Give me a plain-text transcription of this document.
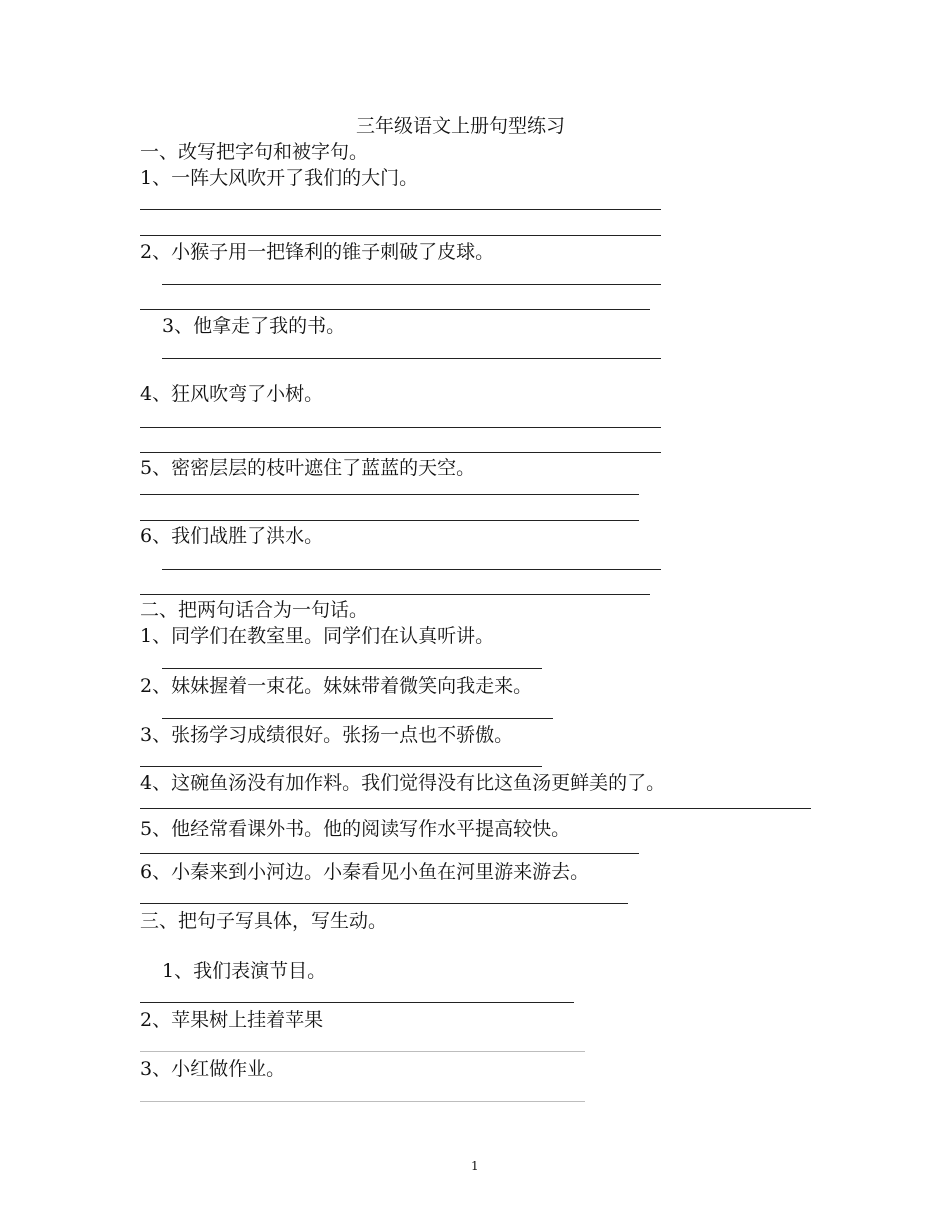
三年级语文上册句型练习
一、改写把字句和被字句。
1、一阵大风吹开了我们的大门。
2、小猴子用一把锋利的锥子刺破了皮球。
3、他拿走了我的书。
4、狂风吹弯了小树。
5、密密层层的枝叶遮住了蓝蓝的天空。
6、我们战胜了洪水。
二、把两句话合为一句话。
1、同学们在教室里。同学们在认真听讲。
2、妹妹握着一束花。妹妹带着微笑向我走来。
3、张扬学习成绩很好。张扬一点也不骄傲。
4、这碗鱼汤没有加作料。我们觉得没有比这鱼汤更鲜美的了。
5、他经常看课外书。他的阅读写作水平提高较快。
6、小秦来到小河边。小秦看见小鱼在河里游来游去。
三、把句子写具体，写生动。
1、我们表演节目。
2、苹果树上挂着苹果
3、小红做作业。
1
